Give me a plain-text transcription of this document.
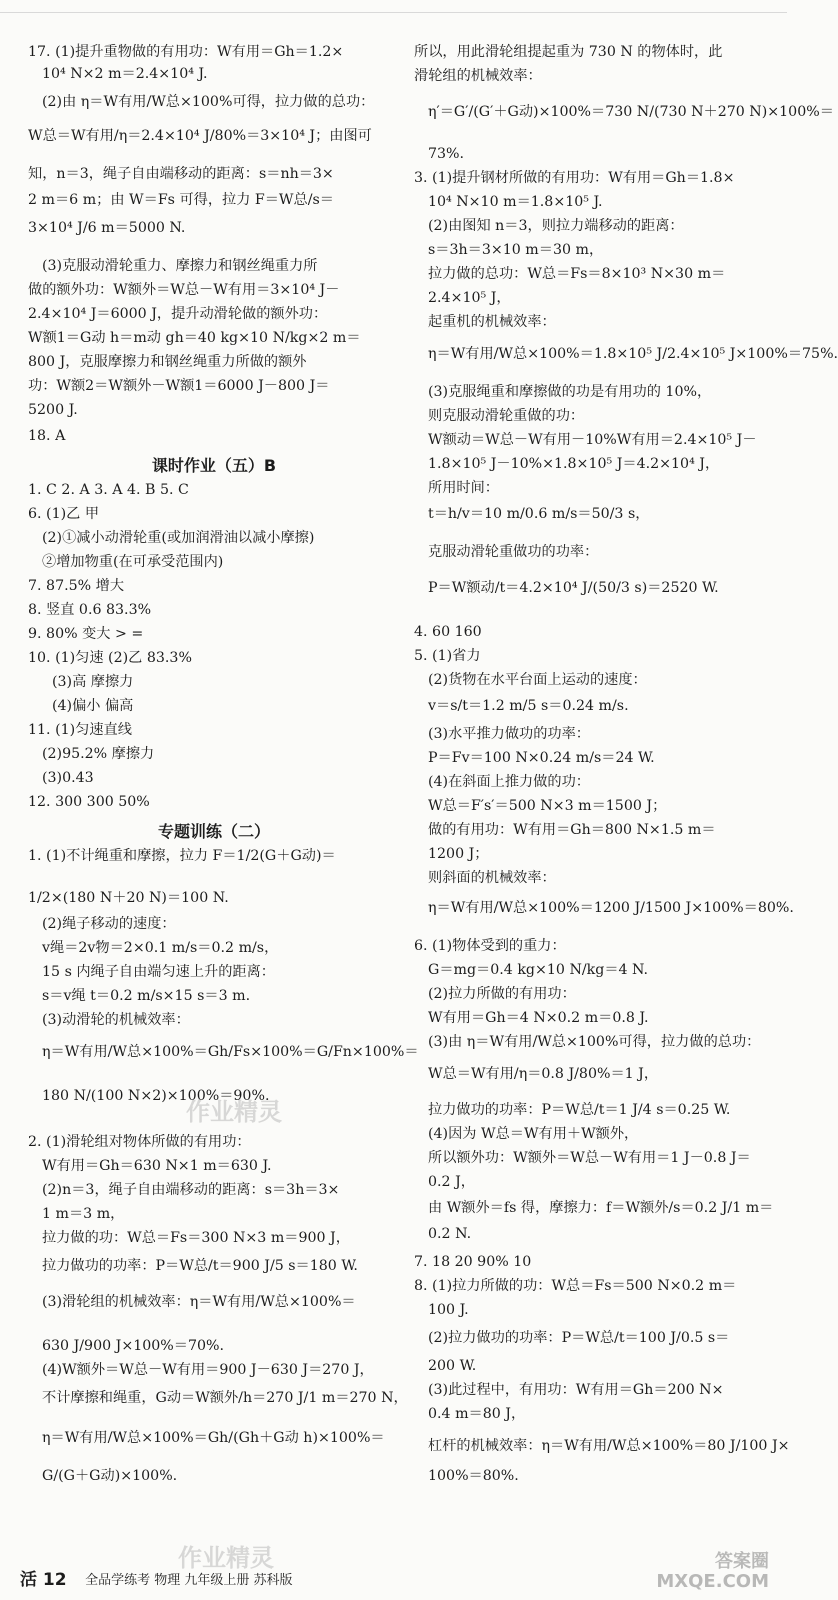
17. (1)提升重物做的有用功：W有用＝Gh＝1.2×
10⁴ N×2 m＝2.4×10⁴ J.
(2)由 η＝W有用/W总×100%可得，拉力做的总功：
W总＝W有用/η＝2.4×10⁴ J/80%＝3×10⁴ J；由图可
知，n＝3，绳子自由端移动的距离：s＝nh＝3×
2 m＝6 m；由 W＝Fs 可得，拉力 F＝W总/s＝
3×10⁴ J/6 m＝5000 N.
(3)克服动滑轮重力、摩擦力和钢丝绳重力所
做的额外功：W额外＝W总－W有用＝3×10⁴ J－
2.4×10⁴ J＝6000 J，提升动滑轮做的额外功：
W额1＝G动 h＝m动 gh＝40 kg×10 N/kg×2 m＝
800 J，克服摩擦力和钢丝绳重力所做的额外
功：W额2＝W额外－W额1＝6000 J－800 J＝
5200 J.
18. A
课时作业（五）B
1. C 2. A 3. A 4. B 5. C
6. (1)乙 甲
(2)①减小动滑轮重(或加润滑油以减小摩擦)
②增加物重(在可承受范围内)
7. 87.5% 增大
8. 竖直 0.6 83.3%
9. 80% 变大 > =
10. (1)匀速 (2)乙 83.3%
(3)高 摩擦力
(4)偏小 偏高
11. (1)匀速直线
(2)95.2% 摩擦力
(3)0.43
12. 300 300 50%
专题训练（二）
1. (1)不计绳重和摩擦，拉力 F＝1/2(G＋G动)＝
1/2×(180 N＋20 N)＝100 N.
(2)绳子移动的速度：
v绳＝2v物＝2×0.1 m/s＝0.2 m/s，
15 s 内绳子自由端匀速上升的距离：
s＝v绳 t＝0.2 m/s×15 s＝3 m.
(3)动滑轮的机械效率：
η＝W有用/W总×100%＝Gh/Fs×100%＝G/Fn×100%＝
180 N/(100 N×2)×100%＝90%.
2. (1)滑轮组对物体所做的有用功：
W有用＝Gh＝630 N×1 m＝630 J.
(2)n＝3，绳子自由端移动的距离：s＝3h＝3×
1 m＝3 m，
拉力做的功：W总＝Fs＝300 N×3 m＝900 J，
拉力做功的功率：P＝W总/t＝900 J/5 s＝180 W.
(3)滑轮组的机械效率：η＝W有用/W总×100%＝
630 J/900 J×100%＝70%.
(4)W额外＝W总－W有用＝900 J－630 J＝270 J，
不计摩擦和绳重，G动＝W额外/h＝270 J/1 m＝270 N，
η＝W有用/W总×100%＝Gh/(Gh＋G动 h)×100%＝
G/(G＋G动)×100%.
所以，用此滑轮组提起重为 730 N 的物体时，此
滑轮组的机械效率：
η′＝G′/(G′＋G动)×100%＝730 N/(730 N＋270 N)×100%＝
73%.
3. (1)提升钢材所做的有用功：W有用＝Gh＝1.8×
10⁴ N×10 m＝1.8×10⁵ J.
(2)由图知 n＝3，则拉力端移动的距离：
s＝3h＝3×10 m＝30 m，
拉力做的总功：W总＝Fs＝8×10³ N×30 m＝
2.4×10⁵ J，
起重机的机械效率：
η＝W有用/W总×100%＝1.8×10⁵ J/2.4×10⁵ J×100%＝75%.
(3)克服绳重和摩擦做的功是有用功的 10%，
则克服动滑轮重做的功：
W额动＝W总－W有用－10%W有用＝2.4×10⁵ J－
1.8×10⁵ J－10%×1.8×10⁵ J＝4.2×10⁴ J，
所用时间：
t＝h/v＝10 m/0.6 m/s＝50/3 s，
克服动滑轮重做功的功率：
P＝W额动/t＝4.2×10⁴ J/(50/3 s)＝2520 W.
4. 60 160
5. (1)省力
(2)货物在水平台面上运动的速度：
v＝s/t＝1.2 m/5 s＝0.24 m/s.
(3)水平推力做功的功率：
P＝Fv＝100 N×0.24 m/s＝24 W.
(4)在斜面上推力做的功：
W总＝F′s′＝500 N×3 m＝1500 J；
做的有用功：W有用＝Gh＝800 N×1.5 m＝
1200 J；
则斜面的机械效率：
η＝W有用/W总×100%＝1200 J/1500 J×100%＝80%.
6. (1)物体受到的重力：
G＝mg＝0.4 kg×10 N/kg＝4 N.
(2)拉力所做的有用功：
W有用＝Gh＝4 N×0.2 m＝0.8 J.
(3)由 η＝W有用/W总×100%可得，拉力做的总功：
W总＝W有用/η＝0.8 J/80%＝1 J，
拉力做功的功率：P＝W总/t＝1 J/4 s＝0.25 W.
(4)因为 W总＝W有用＋W额外，
所以额外功：W额外＝W总－W有用＝1 J－0.8 J＝
0.2 J，
由 W额外＝fs 得，摩擦力：f＝W额外/s＝0.2 J/1 m＝
0.2 N.
7. 18 20 90% 10
8. (1)拉力所做的功：W总＝Fs＝500 N×0.2 m＝
100 J.
(2)拉力做功的功率：P＝W总/t＝100 J/0.5 s＝
200 W.
(3)此过程中，有用功：W有用＝Gh＝200 N×
0.4 m＝80 J，
杠杆的机械效率：η＝W有用/W总×100%＝80 J/100 J×
100%＝80%.
作业精灵
作业精灵	答案圈
MXQE.COM
活 12 全品学练考 物理 九年级上册 苏科版
